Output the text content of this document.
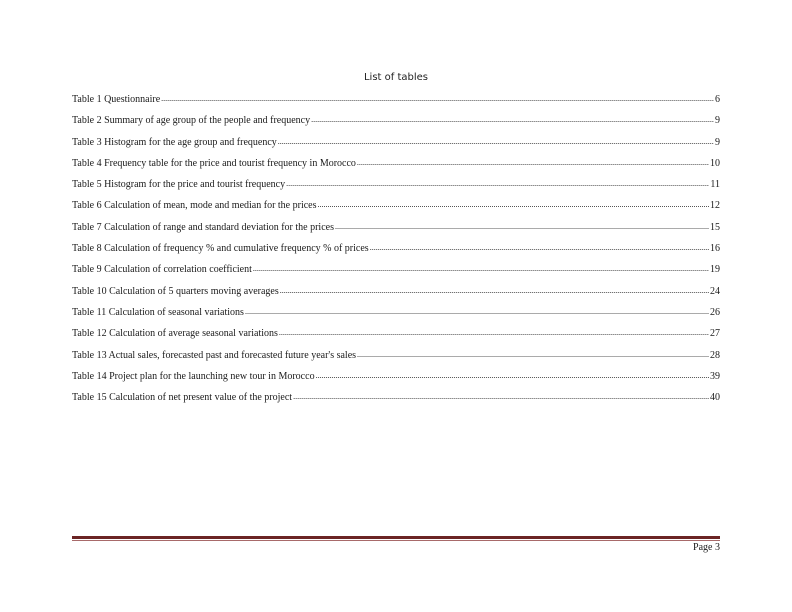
List of tables
Table 1 Questionnaire .....	6
Table 2 Summary of age group of the people and frequency .....	9
Table 3 Histogram for the age group and frequency .....	9
Table 4 Frequency table for the price and tourist frequency in Morocco .....	10
Table 5 Histogram for the price and tourist frequency .....	11
Table 6 Calculation of mean, mode and median for the prices .....	12
Table 7 Calculation of range and standard deviation for the prices .....	15
Table 8 Calculation of frequency % and cumulative frequency % of prices .....	16
Table 9 Calculation of correlation coefficient .....	19
Table 10 Calculation of 5 quarters moving averages .....	24
Table 11 Calculation of seasonal variations .....	26
Table 12 Calculation of average seasonal variations .....	27
Table 13 Actual sales, forecasted past and forecasted future year's sales .....	28
Table 14 Project plan for the launching new tour in Morocco .....	39
Table 15 Calculation of net present value of the project .....	40
Page 3
